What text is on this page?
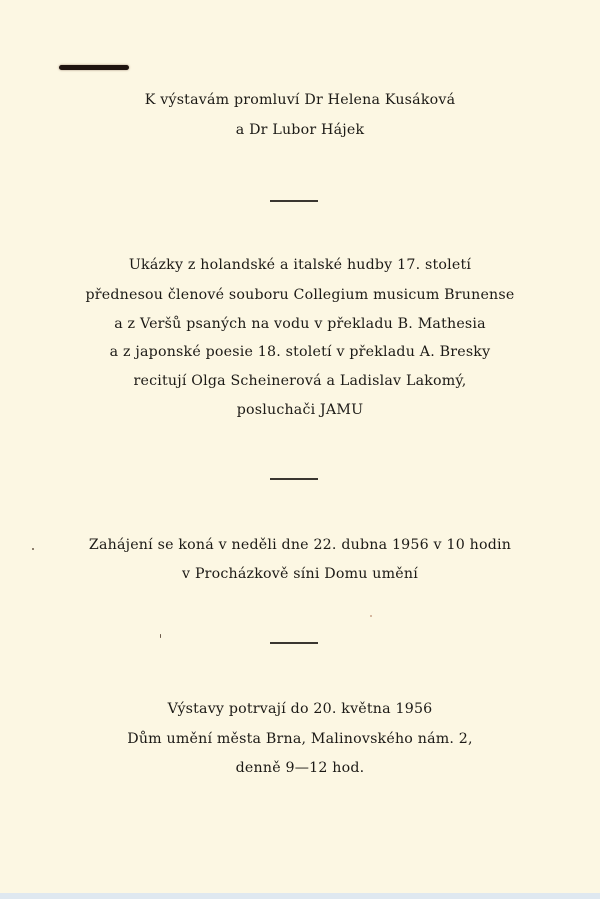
K výstavám promluví Dr Helena Kusáková
a Dr Lubor Hájek
Ukázky z holandské a italské hudby 17. století
přednesou členové souboru Collegium musicum Brunense
a z Veršů psaných na vodu v překladu B. Mathesia
a z japonské poesie 18. století v překladu A. Bresky
recitují Olga Scheinerová a Ladislav Lakomý,
posluchači JAMU
Zahájení se koná v neděli dne 22. dubna 1956 v 10 hodin
v Procházkově síni Domu umění
Výstavy potrvají do 20. května 1956
Dům umění města Brna, Malinovského nám. 2,
denně 9—12 hod.
